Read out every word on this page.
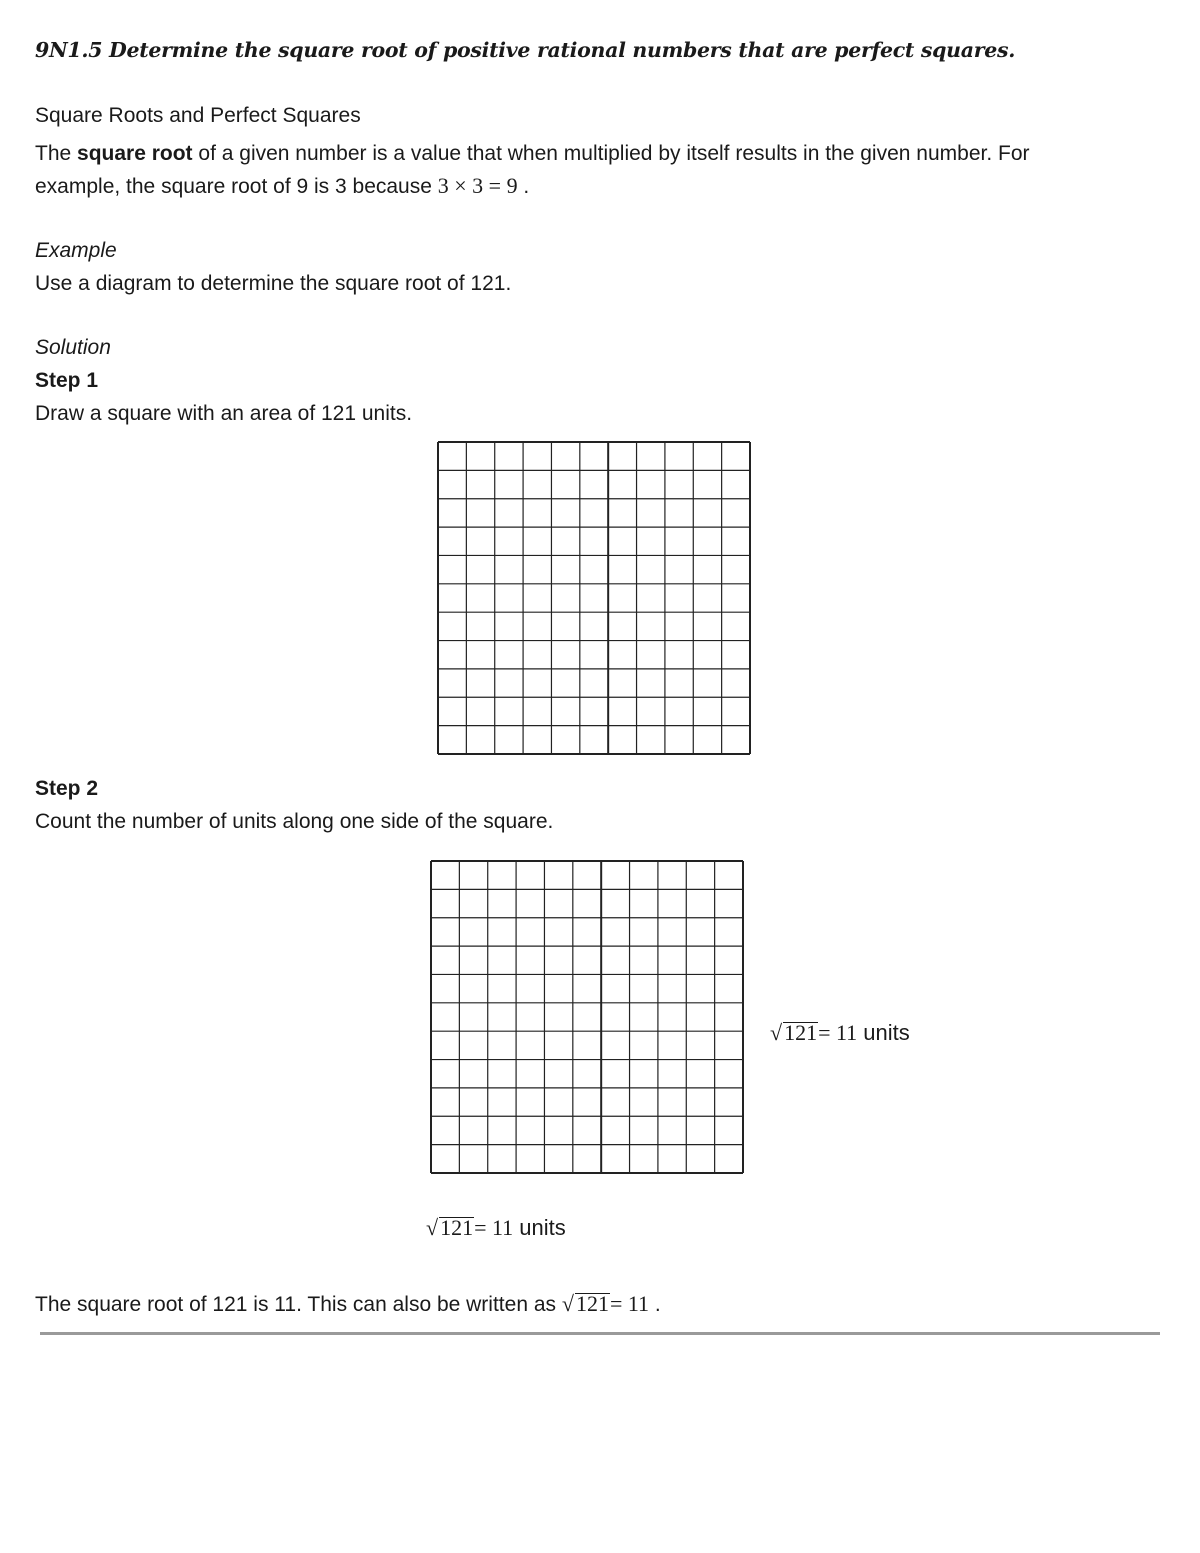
9N1.5 Determine the square root of positive rational numbers that are perfect squares.
Square Roots and Perfect Squares
The square root of a given number is a value that when multiplied by itself results in the given number. For
example, the square root of 9 is 3 because 3 × 3 = 9 .
Example
Use a diagram to determine the square root of 121.
Solution
Step 1
Draw a square with an area of 121 units.
Step 2
Count the number of units along one side of the square.
√121= 11 units
√121= 11 units
The square root of 121 is 11. This can also be written as √121= 11 .
